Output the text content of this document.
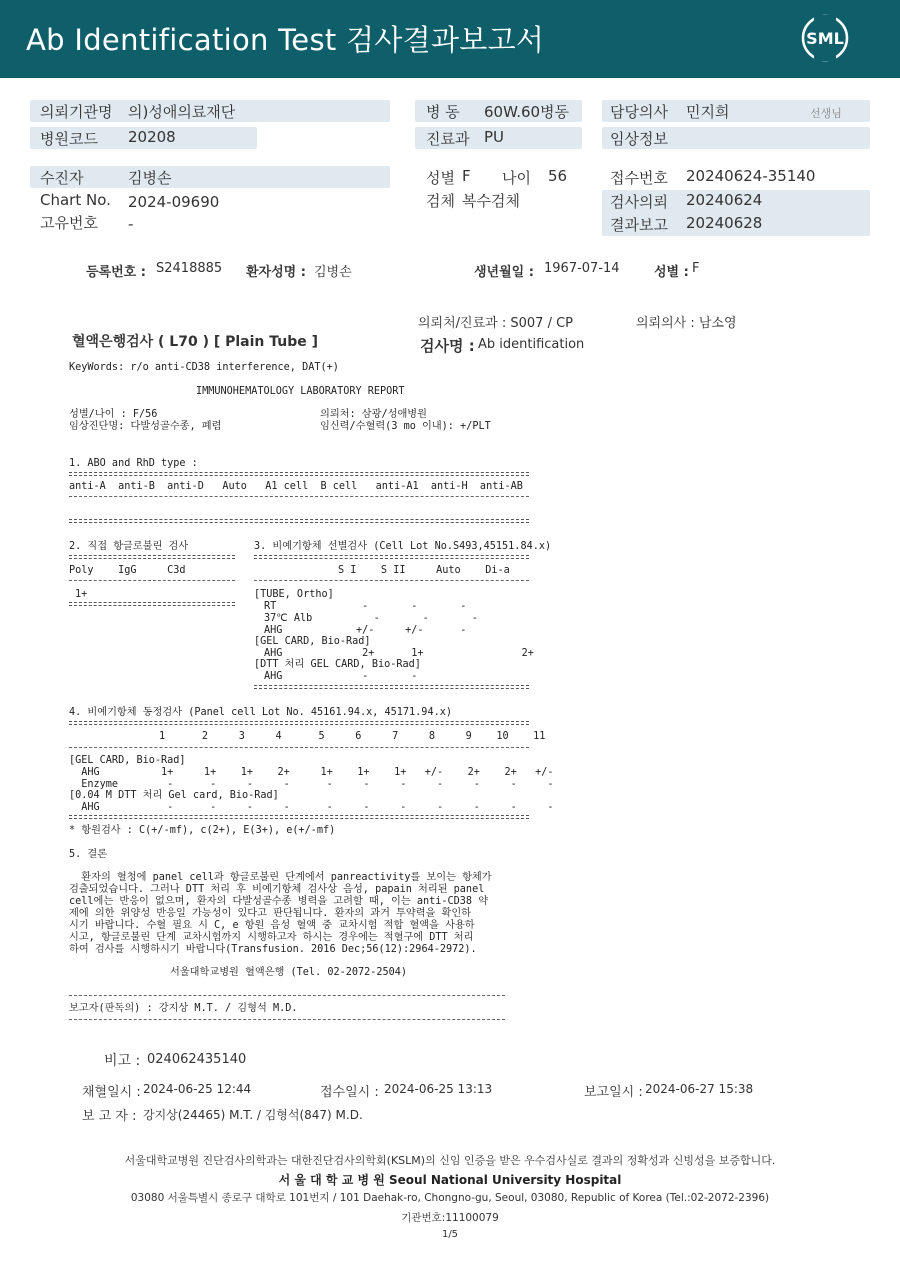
Ab Identification Test 검사결과보고서	SML
의뢰기관명 의)성애의료재단
병원코드 20208
병 동 60W.60병동
진료과 PU
담당의사 민지희	선생님
임상정보
수진자	김병손
Chart No. 2024-09690
고유번호 -
성별 F 나이 56
검체 복수검체
접수번호 20240624-35140
검사의뢰 20240624
결과보고 20240628
등록번호 : S2418885 환자성명 : 김병손	생년월일 : 1967-07-14	성별 : F
의뢰처/진료과 : S007 / CP	의뢰의사 : 남소영
혈액은행검사 ( L70 ) [ Plain Tube ]	검사명 : Ab identification
KeyWords: r/o anti-CD38 interference, DAT(+)
IMMUNOHEMATOLOGY LABORATORY REPORT
성별/나이 : F/56	의뢰처: 삼광/성애병원
임상진단명: 다발성골수종, 폐렴	임신력/수혈력(3 mo 이내): +/PLT
1. ABO and RhD type :
anti-A  anti-B  anti-D   Auto   A1 cell  B cell   anti-A1  anti-H  anti-AB
2. 직접 항글로불린 검사	3. 비예기항체 선별검사 (Cell Lot No.S493,45151.84.x)
Poly    IgG     C3d	S I    S II     Auto    Di-a
1+	[TUBE, Ortho]
RT              -       -       -
37℃ Alb          -       -       -
AHG            +/-     +/-      -
[GEL CARD, Bio-Rad]
AHG             2+      1+                2+
[DTT 처리 GEL CARD, Bio-Rad]
AHG             -       -
4. 비예기항체 동정검사 (Panel cell Lot No. 45161.94.x, 45171.94.x)
1      2     3     4      5     6     7     8     9    10    11
[GEL CARD, Bio-Rad]
AHG          1+     1+    1+    2+     1+    1+    1+   +/-    2+    2+   +/-
Enzyme        -      -     -     -      -     -     -     -     -     -     -
[0.04 M DTT 처리 Gel card, Bio-Rad]
AHG           -      -     -     -      -     -     -     -     -     -     -
* 항원검사 : C(+/-mf), c(2+), E(3+), e(+/-mf)
5. 결론
환자의 혈청에 panel cell과 항글로불린 단계에서 panreactivity를 보이는 항체가
검출되었습니다. 그러나 DTT 처리 후 비예기항체 검사상 음성, papain 처리된 panel
cell에는 반응이 없으며, 환자의 다발성골수종 병력을 고려할 때, 이는 anti-CD38 약
제에 의한 위양성 반응일 가능성이 있다고 판단됩니다. 환자의 과거 투약력을 확인하
시기 바랍니다. 수혈 필요 시 C, e 항원 음성 혈액 중 교차시험 적합 혈액을 사용하
시고, 항글로불린 단계 교차시험까지 시행하고자 하시는 경우에는 적혈구에 DTT 처리
하여 검사를 시행하시기 바랍니다(Transfusion. 2016 Dec;56(12):2964-2972).
서울대학교병원 혈액은행 (Tel. 02-2072-2504)
보고자(판독의) : 강지상 M.T. / 김형석 M.D.
비고 : 024062435140
채혈일시 : 2024-06-25 12:44	접수일시 : 2024-06-25 13:13	보고일시 : 2024-06-27 15:38
보 고 자 : 강지상(24465) M.T. / 김형석(847) M.D.
서울대학교병원 진단검사의학과는 대한진단검사의학회(KSLM)의 신임 인증을 받은 우수검사실로 결과의 정확성과 신빙성을 보증합니다.
서 울 대 학 교 병 원 Seoul National University Hospital
03080 서울특별시 종로구 대학로 101번지 / 101 Daehak-ro, Chongno-gu, Seoul, 03080, Republic of Korea (Tel.:02-2072-2396)
기관번호:11100079
1/5
